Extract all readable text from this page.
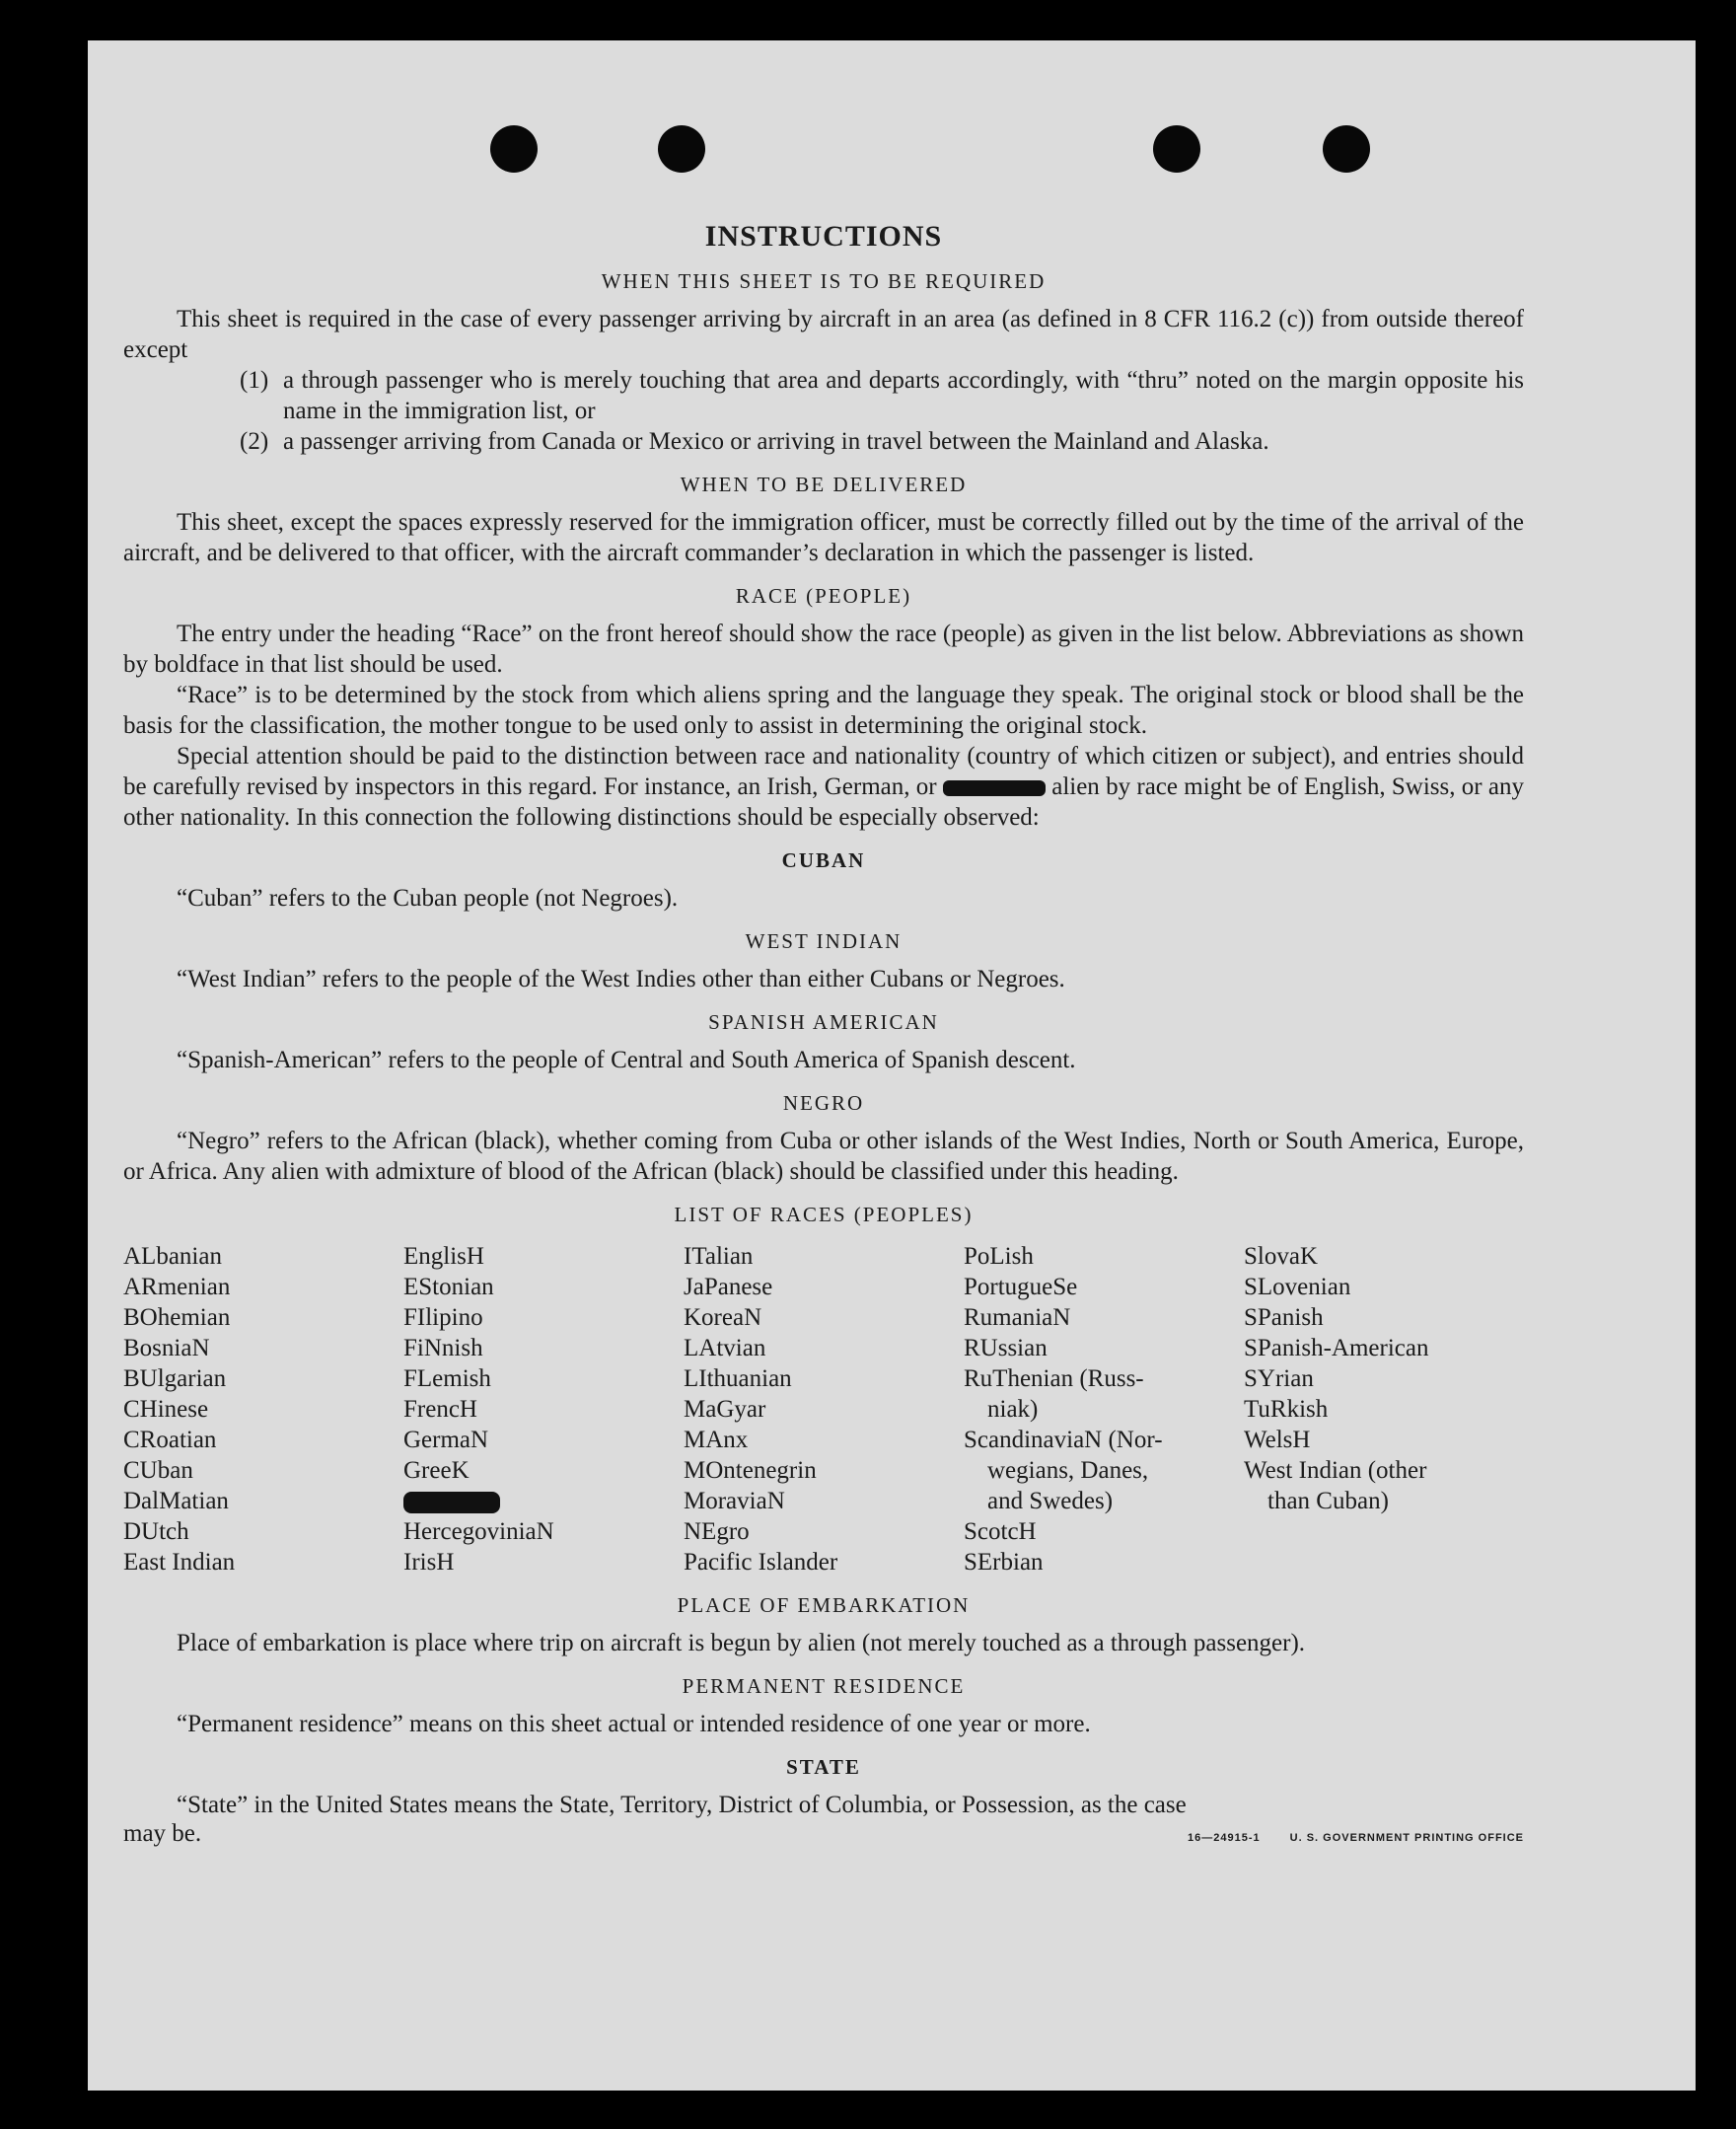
INSTRUCTIONS
WHEN THIS SHEET IS TO BE REQUIRED

This sheet is required in the case of every passenger arriving by aircraft in an area (as defined in 8 CFR 116.2 (c)) from outside thereof except

(1) a through passenger who is merely touching that area and departs accordingly, with “thru” noted on the margin opposite his name in the immigration list, or
(2) a passenger arriving from Canada or Mexico or arriving in travel between the Mainland and Alaska.
WHEN TO BE DELIVERED

This sheet, except the spaces expressly reserved for the immigration officer, must be correctly filled out by the time of the arrival of the aircraft, and be delivered to that officer, with the aircraft commander’s declaration in which the passenger is listed.

RACE (PEOPLE)

The entry under the heading “Race” on the front hereof should show the race (people) as given in the list below. Abbreviations as shown by boldface in that list should be used.

“Race” is to be determined by the stock from which aliens spring and the language they speak. The original stock or blood shall be the basis for the classification, the mother tongue to be used only to assist in determining the original stock.

Special attention should be paid to the distinction between race and nationality (country of which citizen or subject), and entries should be carefully revised by inspectors in this regard. For instance, an Irish, German, or	alien by race might be of English, Swiss, or any other nationality. In this connection the following distinctions should be especially observed:

CUBAN

“Cuban” refers to the Cuban people (not Negroes).

WEST INDIAN

“West Indian” refers to the people of the West Indies other than either Cubans or Negroes.

SPANISH AMERICAN

“Spanish-American” refers to the people of Central and South America of Spanish descent.

NEGRO

“Negro” refers to the African (black), whether coming from Cuba or other islands of the West Indies, North or South America, Europe, or Africa. Any alien with admixture of blood of the African (black) should be classified under this heading.

LIST OF RACES (PEOPLES)
ALbanian
ARmenian
BOhemian
BosniaN
BUlgarian
CHinese
CRoatian
CUban
DalMatian
DUtch
East Indian
EnglisH
EStonian
FIlipino
FiNnish
FLemish
FrencH
GermaN
GreeK
HercegoviniaN
IrisH
ITalian
JaPanese
KoreaN
LAtvian
LIthuanian
MaGyar
MAnx
MOntenegrin
MoraviaN
NEgro
Pacific Islander
PoLish
PortugueSe
RumaniaN
RUssian
RuThenian (Russ-
niak)
ScandinaviaN (Nor-
wegians, Danes,
and Swedes)
ScotcH
SErbian
SlovaK
SLovenian
SPanish
SPanish-American
SYrian
TuRkish
WelsH
West Indian (other
than Cuban)
PLACE OF EMBARKATION

Place of embarkation is place where trip on aircraft is begun by alien (not merely touched as a through passenger).

PERMANENT RESIDENCE

“Permanent residence” means on this sheet actual or intended residence of one year or more.

STATE

“State” in the United States means the State, Territory, District of Columbia, or Possession, as the case

may be.	16—24915-1	U. S. GOVERNMENT PRINTING OFFICE
